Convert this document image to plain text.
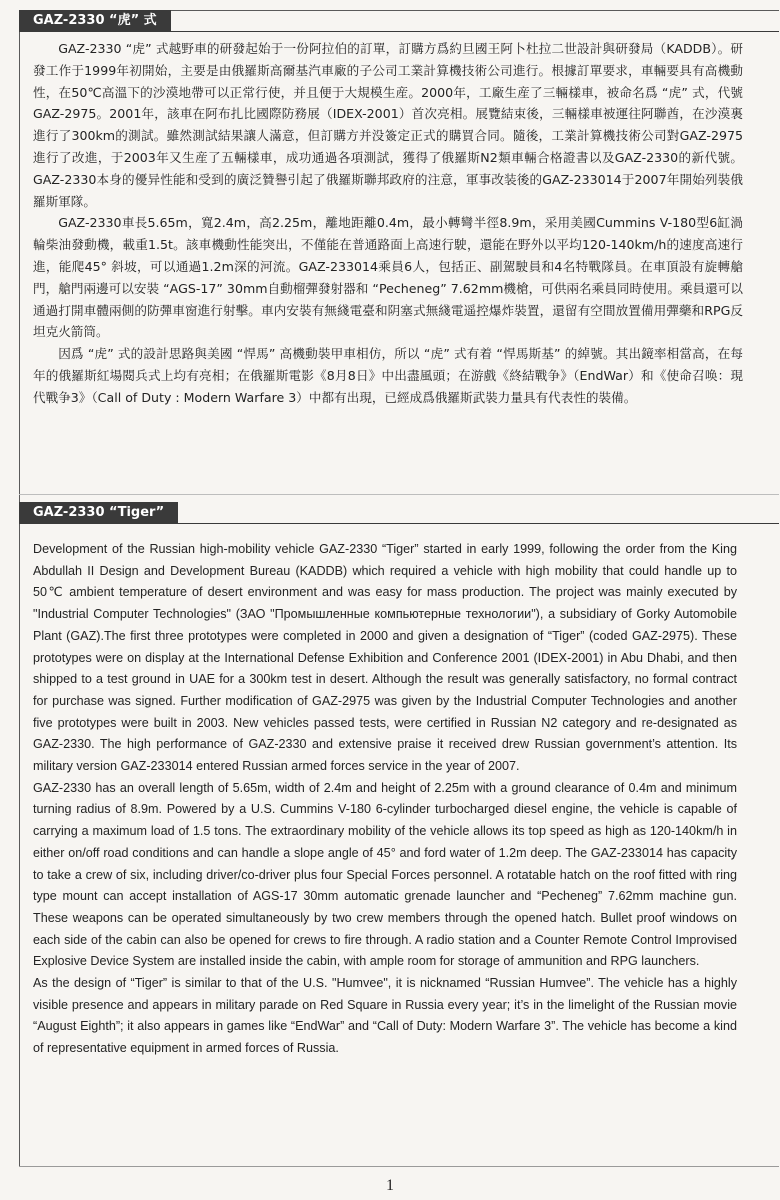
GAZ-2330 “虎” 式

GAZ-2330 “虎” 式越野車的研發起始于一份阿拉伯的訂單，訂購方爲約旦國王阿卜杜拉二世設計與研發局（KADDB）。研發工作于1999年初開始，主要是由俄羅斯高爾基汽車廠的子公司工業計算機技術公司進行。根據訂單要求，車輛要具有高機動性，在50℃高溫下的沙漠地帶可以正常行使，并且便于大規模生産。2000年，工廠生産了三輛樣車，被命名爲 “虎” 式，代號GAZ-2975。2001年，該車在阿布扎比國際防務展（IDEX-2001）首次亮相。展覽結束後，三輛樣車被運往阿聯酋，在沙漠裏進行了300km的測試。雖然測試結果讓人滿意，但訂購方并没簽定正式的購買合同。隨後，工業計算機技術公司對GAZ-2975進行了改進，于2003年又生産了五輛樣車，成功通過各項測試，獲得了俄羅斯N2類車輛合格證書以及GAZ-2330的新代號。GAZ-2330本身的優异性能和受到的廣泛贊譽引起了俄羅斯聯邦政府的注意，軍事改装後的GAZ-233014于2007年開始列裝俄羅斯軍隊。

GAZ-2330車長5.65m，寬2.4m，高2.25m，離地距離0.4m，最小轉彎半徑8.9m，采用美國Cummins V-180型6缸渦輪柴油發動機，載重1.5t。該車機動性能突出，不僅能在普通路面上高速行駛，還能在野外以平均120-140km/h的速度高速行進，能爬45° 斜坡，可以通過1.2m深的河流。GAZ-233014乘員6人，包括正、副駕駛員和4名特戰隊員。在車頂設有旋轉艙門，艙門兩邊可以安裝 “AGS-17” 30mm自動榴彈發射器和 “Pecheneg” 7.62mm機槍，可供兩名乘員同時使用。乘員還可以通過打開車體兩側的防彈車窗進行射擊。車内安裝有無綫電臺和阴塞式無綫電遥控爆炸裝置，還留有空間放置備用彈藥和RPG反坦克火箭筒。

因爲 “虎” 式的設計思路與美國 “悍馬” 高機動裝甲車相仿，所以 “虎” 式有着 “悍馬斯基” 的綽號。其出鏡率相當高，在每年的俄羅斯紅場閱兵式上均有亮相；在俄羅斯電影《8月8日》中出盡風頭；在游戲《終結戰争》（EndWar）和《使命召唤：現代戰争3》（Call of Duty : Modern Warfare 3）中都有出現，已經成爲俄羅斯武裝力量具有代表性的裝備。

GAZ-2330 “Tiger”

Development of the Russian high-mobility vehicle GAZ-2330 “Tiger” started in early 1999, following the order from the King Abdullah II Design and Development Bureau (KADDB) which required a vehicle with high mobility that could handle up to 50℃ ambient temperature of desert environment and was easy for mass production. The project was mainly executed by "Industrial Computer Technologies" (ЗАО "Промышленные компьютерные технологии"), a subsidiary of Gorky Automobile Plant (GAZ).The first three prototypes were completed in 2000 and given a designation of “Tiger” (coded GAZ-2975). These prototypes were on display at the International Defense Exhibition and Conference 2001 (IDEX-2001) in Abu Dhabi, and then shipped to a test ground in UAE for a 300km test in desert. Although the result was generally satisfactory, no formal contract for purchase was signed. Further modification of GAZ-2975 was given by the Industrial Computer Technologies and another five prototypes were built in 2003. New vehicles passed tests, were certified in Russian N2 category and re-designated as GAZ-2330. The high performance of GAZ-2330 and extensive praise it received drew Russian government’s attention. Its military version GAZ-233014 entered Russian armed forces service in the year of 2007.

GAZ-2330 has an overall length of 5.65m, width of 2.4m and height of 2.25m with a ground clearance of 0.4m and minimum turning radius of 8.9m. Powered by a U.S. Cummins V-180 6-cylinder turbocharged diesel engine, the vehicle is capable of carrying a maximum load of 1.5 tons. The extraordinary mobility of the vehicle allows its top speed as high as 120-140km/h in either on/off road conditions and can handle a slope angle of 45° and ford water of 1.2m deep. The GAZ-233014 has capacity to take a crew of six, including driver/co-driver plus four Special Forces personnel. A rotatable hatch on the roof fitted with ring type mount can accept installation of AGS-17 30mm automatic grenade launcher and “Pecheneg” 7.62mm machine gun. These weapons can be operated simultaneously by two crew members through the opened hatch. Bullet proof windows on each side of the cabin can also be opened for crews to fire through. A radio station and a Counter Remote Control Improvised Explosive Device System are installed inside the cabin, with ample room for storage of ammunition and RPG launchers.

As the design of “Tiger” is similar to that of the U.S. "Humvee", it is nicknamed “Russian Humvee”. The vehicle has a highly visible presence and appears in military parade on Red Square in Russia every year; it’s in the limelight of the Russian movie “August Eighth”; it also appears in games like “EndWar” and “Call of Duty: Modern Warfare 3”. The vehicle has become a kind of representative equipment in armed forces of Russia.

1
